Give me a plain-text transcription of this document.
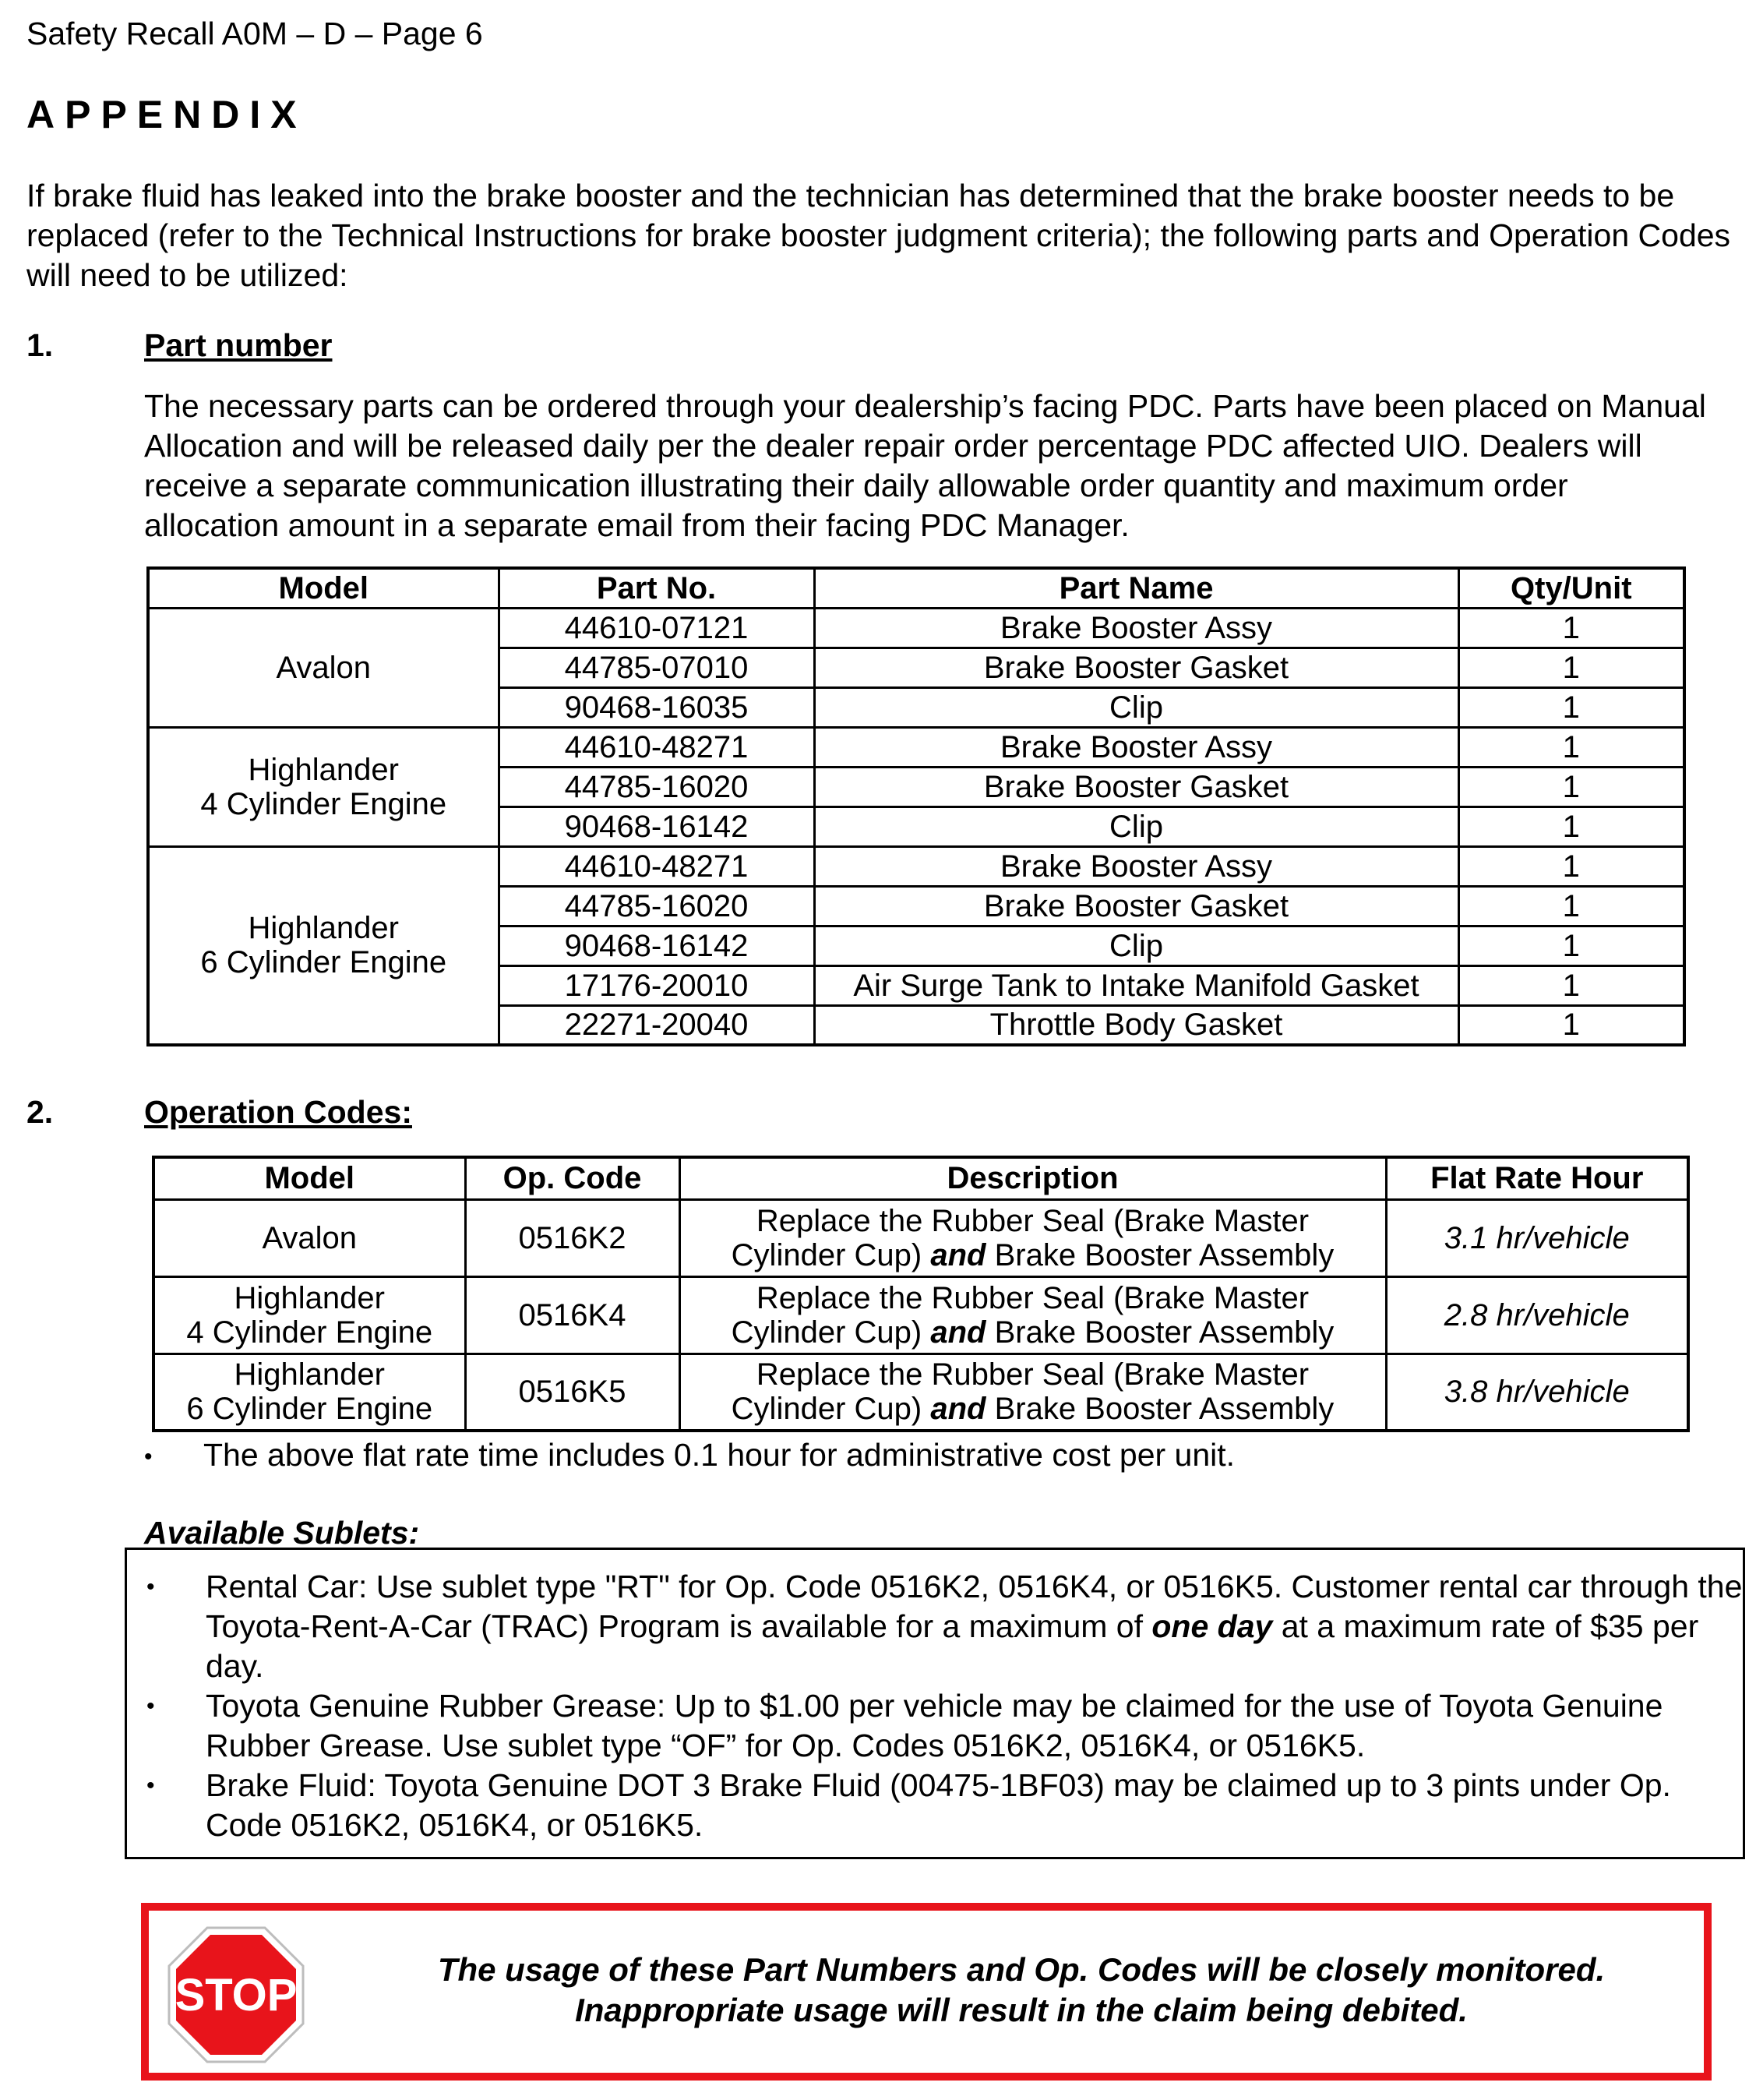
Safety Recall A0M – D – Page 6
APPENDIX
If brake fluid has leaked into the brake booster and the technician has determined that the brake booster needs to be replaced (refer to the Technical Instructions for brake booster judgment criteria); the following parts and Operation Codes will need to be utilized:
1.	Part number
The necessary parts can be ordered through your dealership’s facing PDC. Parts have been placed on Manual Allocation and will be released daily per the dealer repair order percentage PDC affected UIO. Dealers will receive a separate communication illustrating their daily allowable order quantity and maximum order allocation amount in a separate email from their facing PDC Manager.
Model	Part No.	Part Name	Qty/Unit
Avalon	44610-07121	Brake Booster Assy	1
	44785-07010	Brake Booster Gasket	1
	90468-16035	Clip	1
Highlander
4 Cylinder Engine	44610-48271	Brake Booster Assy	1
	44785-16020	Brake Booster Gasket	1
	90468-16142	Clip	1
Highlander
6 Cylinder Engine	44610-48271	Brake Booster Assy	1
	44785-16020	Brake Booster Gasket	1
	90468-16142	Clip	1
	17176-20010	Air Surge Tank to Intake Manifold Gasket	1
	22271-20040	Throttle Body Gasket	1
2.	Operation Codes:
Model	Op. Code	Description	Flat Rate Hour
Avalon	0516K2	Replace the Rubber Seal (Brake Master
Cylinder Cup) and Brake Booster Assembly	3.1 hr/vehicle
Highlander
4 Cylinder Engine	0516K4	Replace the Rubber Seal (Brake Master
Cylinder Cup) and Brake Booster Assembly	2.8 hr/vehicle
Highlander
6 Cylinder Engine	0516K5	Replace the Rubber Seal (Brake Master
Cylinder Cup) and Brake Booster Assembly	3.8 hr/vehicle
• The above flat rate time includes 0.1 hour for administrative cost per unit.
Available Sublets:
• Rental Car: Use sublet type "RT" for Op. Code 0516K2, 0516K4, or 0516K5. Customer rental car through the Toyota-Rent-A-Car (TRAC) Program is available for a maximum of one day at a maximum rate of $35 per day.
• Toyota Genuine Rubber Grease: Up to $1.00 per vehicle may be claimed for the use of Toyota Genuine Rubber Grease. Use sublet type “OF” for Op. Codes 0516K2, 0516K4, or 0516K5.
• Brake Fluid: Toyota Genuine DOT 3 Brake Fluid (00475-1BF03) may be claimed up to 3 pints under Op. Code 0516K2, 0516K4, or 0516K5.
STOP
The usage of these Part Numbers and Op. Codes will be closely monitored.
Inappropriate usage will result in the claim being debited.
